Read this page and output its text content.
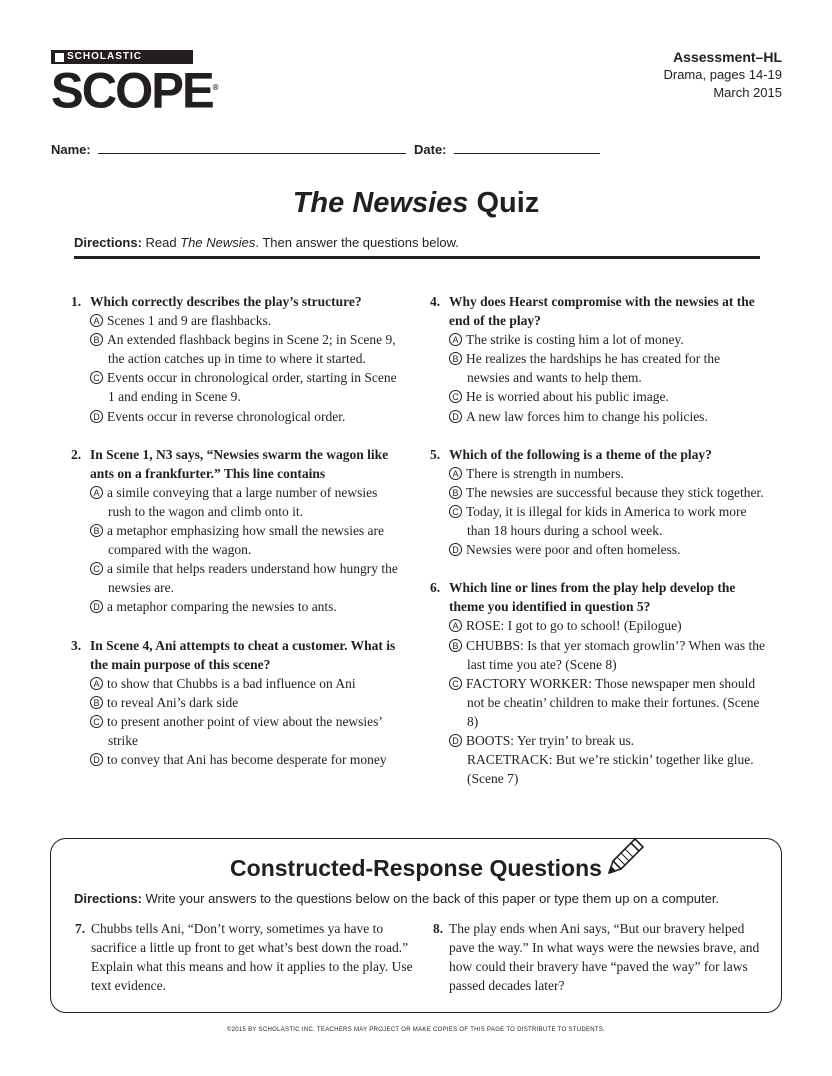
SCHOLASTIC
SCOPE®
Assessment–HL
Drama, pages 14-19
March 2015
Name:	Date:
The Newsies Quiz
Directions: Read The Newsies. Then answer the questions below.
1. Which correctly describes the play’s structure?
A Scenes 1 and 9 are flashbacks.
B An extended flashback begins in Scene 2; in Scene 9, the action catches up in time to where it started.
C Events occur in chronological order, starting in Scene 1 and ending in Scene 9.
D Events occur in reverse chronological order.
2. In Scene 1, N3 says, “Newsies swarm the wagon like ants on a frankfurter.” This line contains
A a simile conveying that a large number of newsies rush to the wagon and climb onto it.
B a metaphor emphasizing how small the newsies are compared with the wagon.
C a simile that helps readers understand how hungry the newsies are.
D a metaphor comparing the newsies to ants.
3. In Scene 4, Ani attempts to cheat a customer. What is the main purpose of this scene?
A to show that Chubbs is a bad influence on Ani
B to reveal Ani’s dark side
C to present another point of view about the newsies’ strike
D to convey that Ani has become desperate for money
4. Why does Hearst compromise with the newsies at the end of the play?
A The strike is costing him a lot of money.
B He realizes the hardships he has created for the newsies and wants to help them.
C He is worried about his public image.
D A new law forces him to change his policies.
5. Which of the following is a theme of the play?
A There is strength in numbers.
B The newsies are successful because they stick together.
C Today, it is illegal for kids in America to work more than 18 hours during a school week.
D Newsies were poor and often homeless.
6. Which line or lines from the play help develop the theme you identified in question 5?
A ROSE: I got to go to school! (Epilogue)
B CHUBBS: Is that yer stomach growlin’? When was the last time you ate? (Scene 8)
C FACTORY WORKER: Those newspaper men should not be cheatin’ children to make their fortunes. (Scene 8)
D BOOTS: Yer tryin’ to break us.
RACETRACK: But we’re stickin’ together like glue. (Scene 7)
Constructed-Response Questions
Directions: Write your answers to the questions below on the back of this paper or type them up on a computer.
7. Chubbs tells Ani, “Don’t worry, sometimes ya have to sacrifice a little up front to get what’s best down the road.” Explain what this means and how it applies to the play. Use text evidence.
8. The play ends when Ani says, “But our bravery helped pave the way.” In what ways were the newsies brave, and how could their bravery have “paved the way” for laws passed decades later?
©2015 BY SCHOLASTIC INC. TEACHERS MAY PROJECT OR MAKE COPIES OF THIS PAGE TO DISTRIBUTE TO STUDENTS.
